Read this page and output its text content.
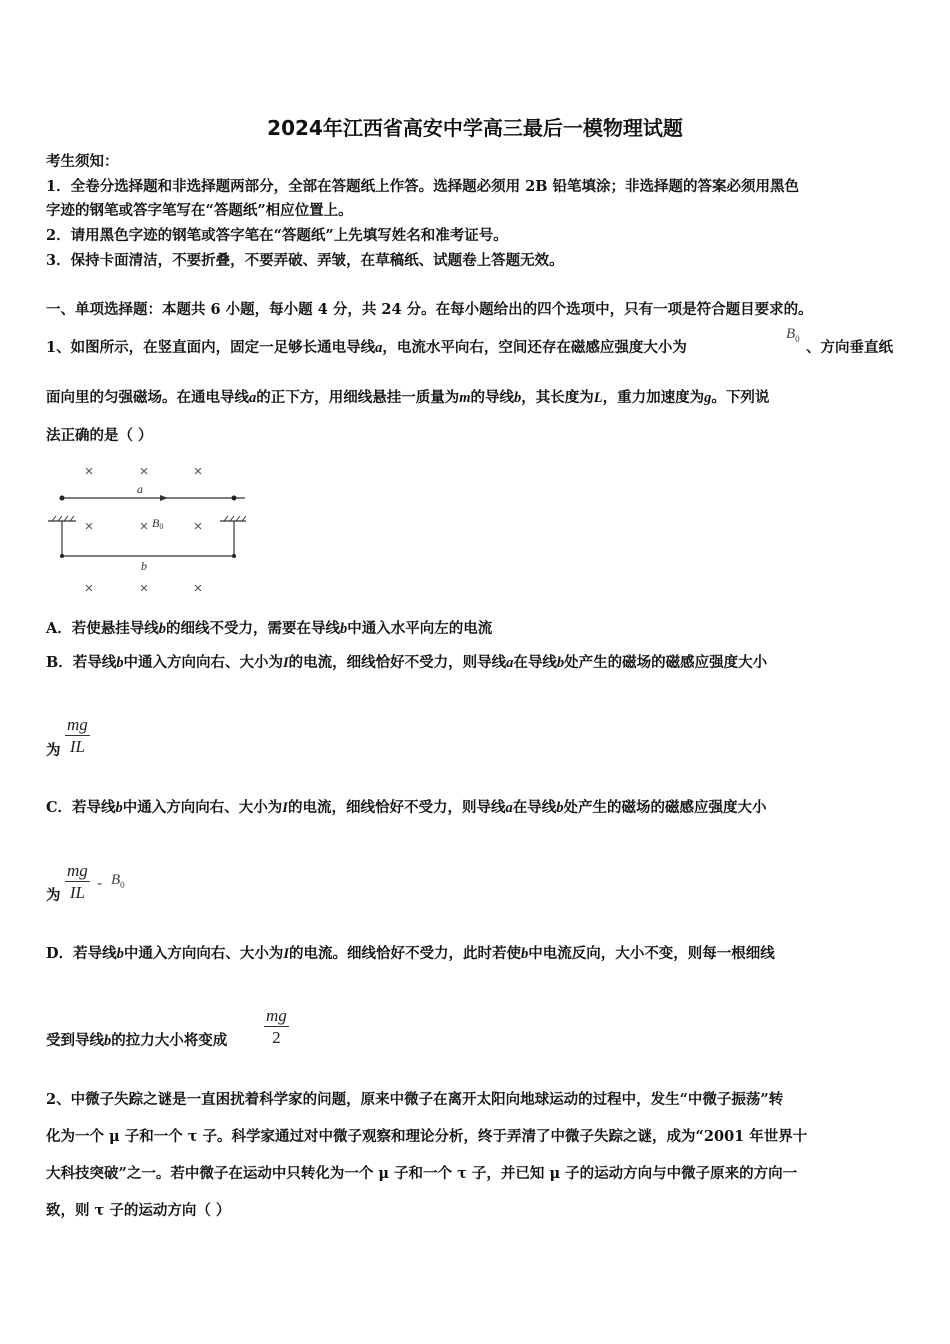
2024年江西省高安中学高三最后一模物理试题
考生须知：
1．全卷分选择题和非选择题两部分，全部在答题纸上作答。选择题必须用 2B 铅笔填涂；非选择题的答案必须用黑色
字迹的钢笔或答字笔写在“答题纸”相应位置上。
2．请用黑色字迹的钢笔或答字笔在“答题纸”上先填写姓名和准考证号。
3．保持卡面清洁，不要折叠，不要弄破、弄皱，在草稿纸、试题卷上答题无效。
一、单项选择题：本题共 6 小题，每小题 4 分，共 24 分。在每小题给出的四个选项中，只有一项是符合题目要求的。
1、如图所示，在竖直面内，固定一足够长通电导线a，电流水平向右，空间还存在磁感应强度大小为
$B_0$ 、方向垂直纸
面向里的匀强磁场。在通电导线a的正下方，用细线悬挂一质量为m的导线b，其长度为L，重力加速度为g。下列说
法正确的是（ ）
×	×	×
×	×	×
×	×	×
a
b
B0
A．若使悬挂导线b的细线不受力，需要在导线b中通入水平向左的电流
B．若导线b中通入方向向右、大小为I的电流，细线恰好不受力，则导线a在导线b处产生的磁场的磁感应强度大小
为 $\frac{mg}{IL}$
C．若导线b中通入方向向右、大小为I的电流，细线恰好不受力，则导线a在导线b处产生的磁场的磁感应强度大小
为 $\frac{mg}{IL} - B_0$
D．若导线b中通入方向向右、大小为I的电流。细线恰好不受力，此时若使b中电流反向，大小不变，则每一根细线
受到导线b的拉力大小将变成 $\frac{mg}{2}$
2、中微子失踪之谜是一直困扰着科学家的问题，原来中微子在离开太阳向地球运动的过程中，发生“中微子振荡”转
化为一个 μ 子和一个 τ 子。科学家通过对中微子观察和理论分析，终于弄清了中微子失踪之谜，成为“2001 年世界十
大科技突破”之一。若中微子在运动中只转化为一个 μ 子和一个 τ 子，并已知 μ 子的运动方向与中微子原来的方向一
致，则 τ 子的运动方向（ ）
